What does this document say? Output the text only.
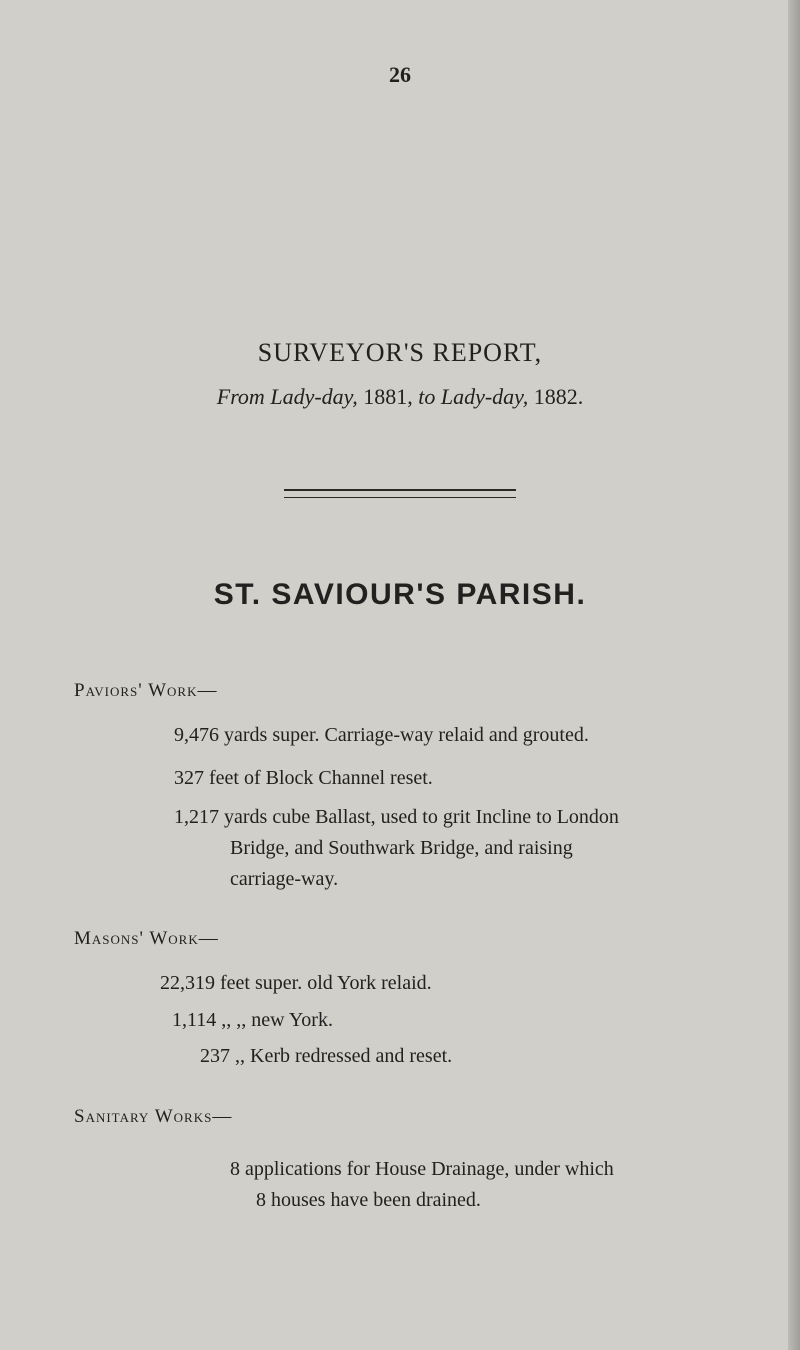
26
SURVEYOR'S REPORT,
From Lady-day, 1881, to Lady-day, 1882.
ST. SAVIOUR'S PARISH.
Paviors' Work—
9,476 yards super. Carriage-way relaid and grouted.
327 feet of Block Channel reset.
1,217 yards cube Ballast, used to grit Incline to London
Bridge, and Southwark Bridge, and raising
carriage-way.
Masons' Work—
22,319 feet super. old York relaid.
1,114 ,, ,, new York.
237 ,, Kerb redressed and reset.
Sanitary Works—
8 applications for House Drainage, under which
8 houses have been drained.
